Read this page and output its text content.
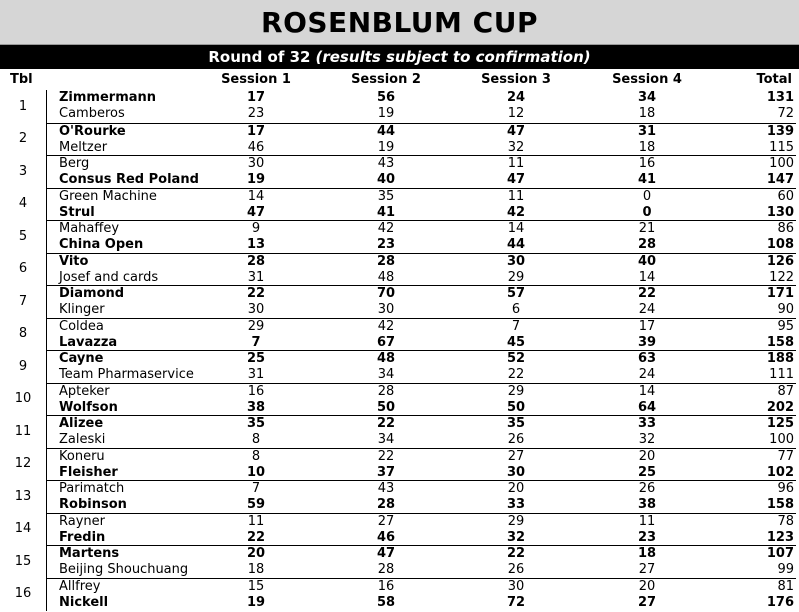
ROSENBLUM CUP
Round of 32 (results subject to confirmation)
Tbl	Session 1	Session 2	Session 3	Session 4	Total
1
Zimmermann	17	56	24	34	131
Camberos	23	19	12	18	72
2
O'Rourke	17	44	47	31	139
Meltzer	46	19	32	18	115
3
Berg	30	43	11	16	100
Consus Red Poland	19	40	47	41	147
4
Green Machine	14	35	11	0	60
Strul	47	41	42	0	130
5
Mahaffey	9	42	14	21	86
China Open	13	23	44	28	108
6
Vito	28	28	30	40	126
Josef and cards	31	48	29	14	122
7
Diamond	22	70	57	22	171
Klinger	30	30	6	24	90
8
Coldea	29	42	7	17	95
Lavazza	7	67	45	39	158
9
Cayne	25	48	52	63	188
Team Pharmaservice	31	34	22	24	111
10
Apteker	16	28	29	14	87
Wolfson	38	50	50	64	202
11
Alizee	35	22	35	33	125
Zaleski	8	34	26	32	100
12
Koneru	8	22	27	20	77
Fleisher	10	37	30	25	102
13
Parimatch	7	43	20	26	96
Robinson	59	28	33	38	158
14
Rayner	11	27	29	11	78
Fredin	22	46	32	23	123
15
Martens	20	47	22	18	107
Beijing Shouchuang	18	28	26	27	99
16
Allfrey	15	16	30	20	81
Nickell	19	58	72	27	176
